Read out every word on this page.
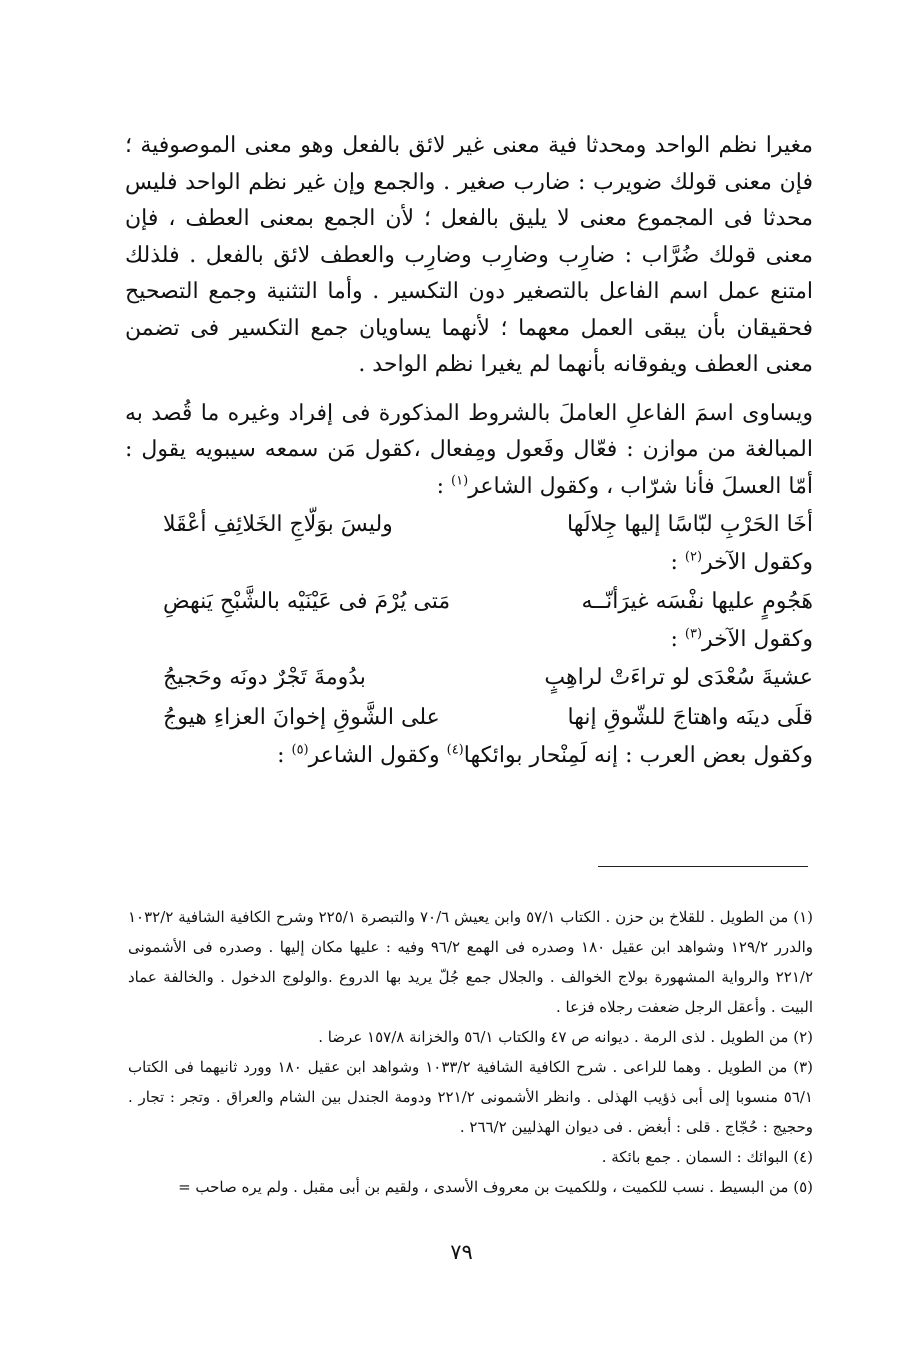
مغيرا نظم الواحد ومحدثا فية معنى غير لائق بالفعل وهو معنى الموصوفية ؛ فإن معنى قولك ضويرب : ضارب صغير . والجمع وإن غير نظم الواحد فليس محدثا فى المجموع معنى لا يليق بالفعل ؛ لأن الجمع بمعنى العطف ، فإن معنى قولك ضُرَّاب : ضارِب وضارِب وضارِب والعطف لائق بالفعل . فلذلك امتنع عمل اسم الفاعل بالتصغير دون التكسير . وأما التثنية وجمع التصحيح فحقيقان بأن يبقى العمل معهما ؛ لأنهما يساويان جمع التكسير فى تضمن معنى العطف ويفوقانه بأنهما لم يغيرا نظم الواحد .

ويساوى اسمَ الفاعلِ العاملَ بالشروط المذكورة فى إفراد وغيره ما قُصد به المبالغة من موازن : فعّال وفَعول ومِفعال ،كقول مَن سمعه سيبويه يقول : أمّا العسلَ فأنا شرّاب ، وكقول الشاعر$^{(١)}$ :

أخَا الحَرْبِ لبّاسًا إليها جِلالَها
وليسَ بوَلّاجِ الخَلائِفِ أعْقَلا

وكقول الآخر$^{(٢)}$ :

هَجُومٍ عليها نفْسَه غيرَأنّــه
مَتى يُرْمَ فى عَيْنَيْه بالشَّبْحِ يَنهضِ

وكقول الآخر$^{(٣)}$ :

عشيةَ سُعْدَى لو تراءَتْ لراهِبٍ
بدُومةَ تَجْرٌ دونَه وحَجيجُ
قلَى دينَه واهتاجَ للشّوقِ إنها
على الشَّوقِ إخوانَ العزاءِ هيوجُ

وكقول بعض العرب : إنه لَمِنْحار بوائكها$^{(٤)}$ وكقول الشاعر$^{(٥)}$ :

(١) من الطويل . للقلاخ بن حزن . الكتاب ٥٧/١ وابن يعيش ٧٠/٦ والتبصرة ٢٢٥/١ وشرح الكافية الشافية ١٠٣٢/٢ والدرر ١٢٩/٢ وشواهد ابن عقيل ١٨٠ وصدره فى الهمع ٩٦/٢ وفيه : عليها مكان إليها . وصدره فى الأشمونى ٢٢١/٢ والرواية المشهورة بولاج الخوالف . والجلال جمع جُلّ يريد بها الدروع .والولوج الدخول . والخالفة عماد البيت . وأعقل الرجل ضعفت رجلاه فزعا .

(٢) من الطويل . لذى الرمة . ديوانه ص ٤٧ والكتاب ٥٦/١ والخزانة ١٥٧/٨ عرضا .

(٣) من الطويل . وهما للراعى . شرح الكافية الشافية ١٠٣٣/٢ وشواهد ابن عقيل ١٨٠ وورد ثانيهما فى الكتاب ٥٦/١ منسوبا إلى أبى ذؤيب الهذلى . وانظر الأشمونى ٢٢١/٢ ودومة الجندل بين الشام والعراق . وتجر : تجار . وحجيج : حُجّاج . قلى : أبغض . فى ديوان الهذليين ٢٦٦/٢ .

(٤) البوائك : السمان . جمع بائكة .

(٥) من البسيط . نسب للكميت ، وللكميت بن معروف الأسدى ، ولقيم بن أبى مقبل . ولم يره صاحب =

٧٩
